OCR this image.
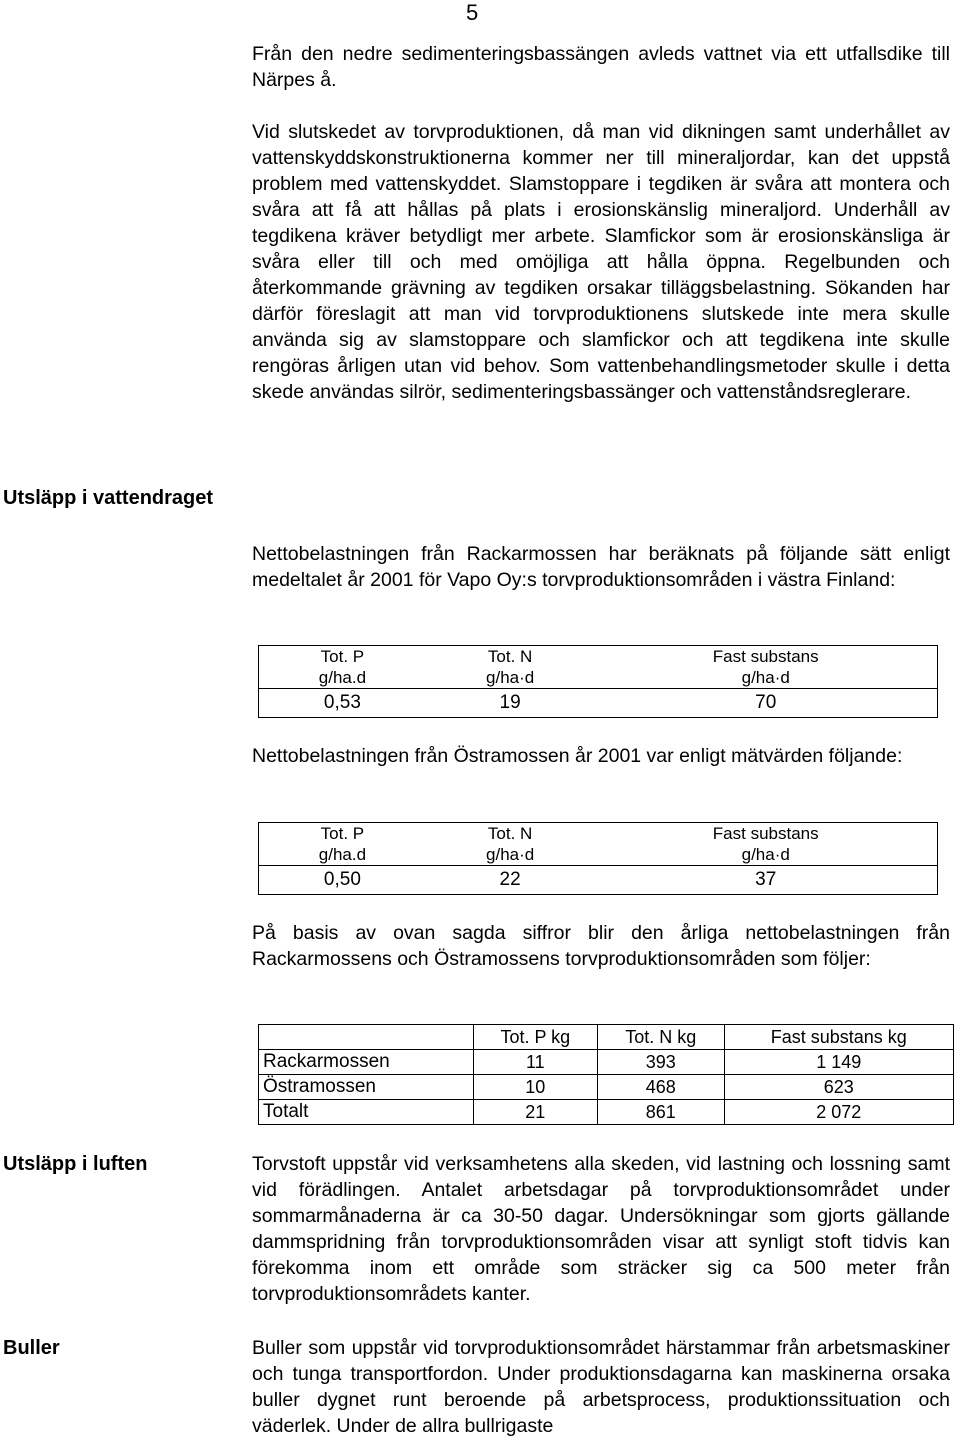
5

Från den nedre sedimenteringsbassängen avleds vattnet via ett utfallsdike till Närpes å.

Vid slutskedet av torvproduktionen, då man vid dikningen samt underhållet av vattenskyddskonstruktionerna kommer ner till mineraljordar, kan det uppstå problem med vattenskyddet. Slamstoppare i tegdiken är svåra att montera och svåra att få att hållas på plats i erosionskänslig mineraljord. Underhåll av tegdikena kräver betydligt mer arbete. Slamfickor som är erosionskänsliga är svåra eller till och med omöjliga att hålla öppna. Regelbunden och återkommande grävning av tegdiken orsakar tilläggsbelastning. Sökanden har därför föreslagit att man vid torvproduktionens slutskede inte mera skulle använda sig av slamstoppare och slamfickor och att tegdikena inte skulle rengöras årligen utan vid behov. Som vattenbehandlingsmetoder skulle i detta skede användas silrör, sedimenteringsbassänger och vattenståndsreglerare.

Utsläpp i vattendraget

Nettobelastningen från Rackarmossen har beräknats på följande sätt enligt medeltalet år 2001 för Vapo Oy:s torvproduktionsområden i västra Finland:

Tot. P	Tot. N	Fast substans
g/ha.d	g/ha·d	g/ha·d
0,53	19	70

Nettobelastningen från Östramossen år 2001 var enligt mätvärden följande:

Tot. P	Tot. N	Fast substans
g/ha.d	g/ha·d	g/ha·d
0,50	22	37

På basis av ovan sagda siffror blir den årliga nettobelastningen från Rackarmossens och Östramossens torvproduktionsområden som följer:

	Tot. P kg	Tot. N kg	Fast substans kg
Rackarmossen	11	393	1 149
Östramossen	10	468	623
Totalt	21	861	2 072
Utsläpp i luften	Torvstoft uppstår vid verksamhetens alla skeden, vid lastning och lossning samt vid förädlingen. Antalet arbetsdagar på torvproduktionsområdet under sommarmånaderna är ca 30-50 dagar. Undersökningar som gjorts gällande dammspridning från torvproduktionsområden visar att synligt stoft tidvis kan förekomma inom ett område som sträcker sig ca 500 meter från torvproduktionsområdets kanter.

Buller	Buller som uppstår vid torvproduktionsområdet härstammar från arbetsmaskiner och tunga transportfordon. Under produktionsdagarna kan maskinerna orsaka buller dygnet runt beroende på arbetsprocess, produktionssituation och väderlek. Under de allra bullrigaste
